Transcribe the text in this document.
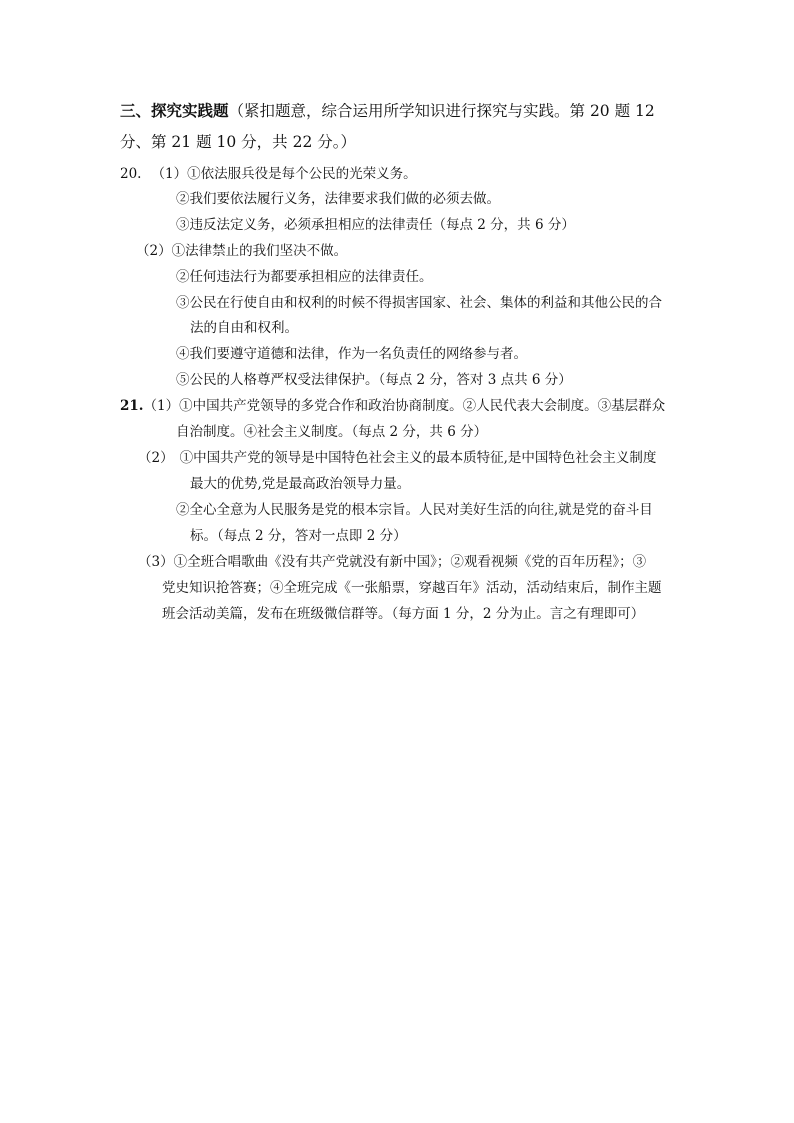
三、探究实践题（紧扣题意，综合运用所学知识进行探究与实践。第 20 题 12
分、第 21 题 10 分，共 22 分。）
20. （1）①依法服兵役是每个公民的光荣义务。
②我们要依法履行义务，法律要求我们做的必须去做。
③违反法定义务，必须承担相应的法律责任（每点 2 分，共 6 分）
（2）①法律禁止的我们坚决不做。
②任何违法行为都要承担相应的法律责任。
③公民在行使自由和权利的时候不得损害国家、社会、集体的利益和其他公民的合
法的自由和权利。
④我们要遵守道德和法律，作为一名负责任的网络参与者。
⑤公民的人格尊严权受法律保护。（每点 2 分，答对 3 点共 6 分）
21.（1）①中国共产党领导的多党合作和政治协商制度。②人民代表大会制度。③基层群众
自治制度。④社会主义制度。（每点 2 分，共 6 分）
（2） ①中国共产党的领导是中国特色社会主义的最本质特征,是中国特色社会主义制度
最大的优势,党是最高政治领导力量。
②全心全意为人民服务是党的根本宗旨。人民对美好生活的向往,就是党的奋斗目
标。（每点 2 分，答对一点即 2 分）
（3）①全班合唱歌曲《没有共产党就没有新中国》；②观看视频《党的百年历程》；③
党史知识抢答赛；④全班完成《一张船票，穿越百年》活动，活动结束后，制作主题
班会活动美篇，发布在班级微信群等。（每方面 1 分，2 分为止。言之有理即可）
